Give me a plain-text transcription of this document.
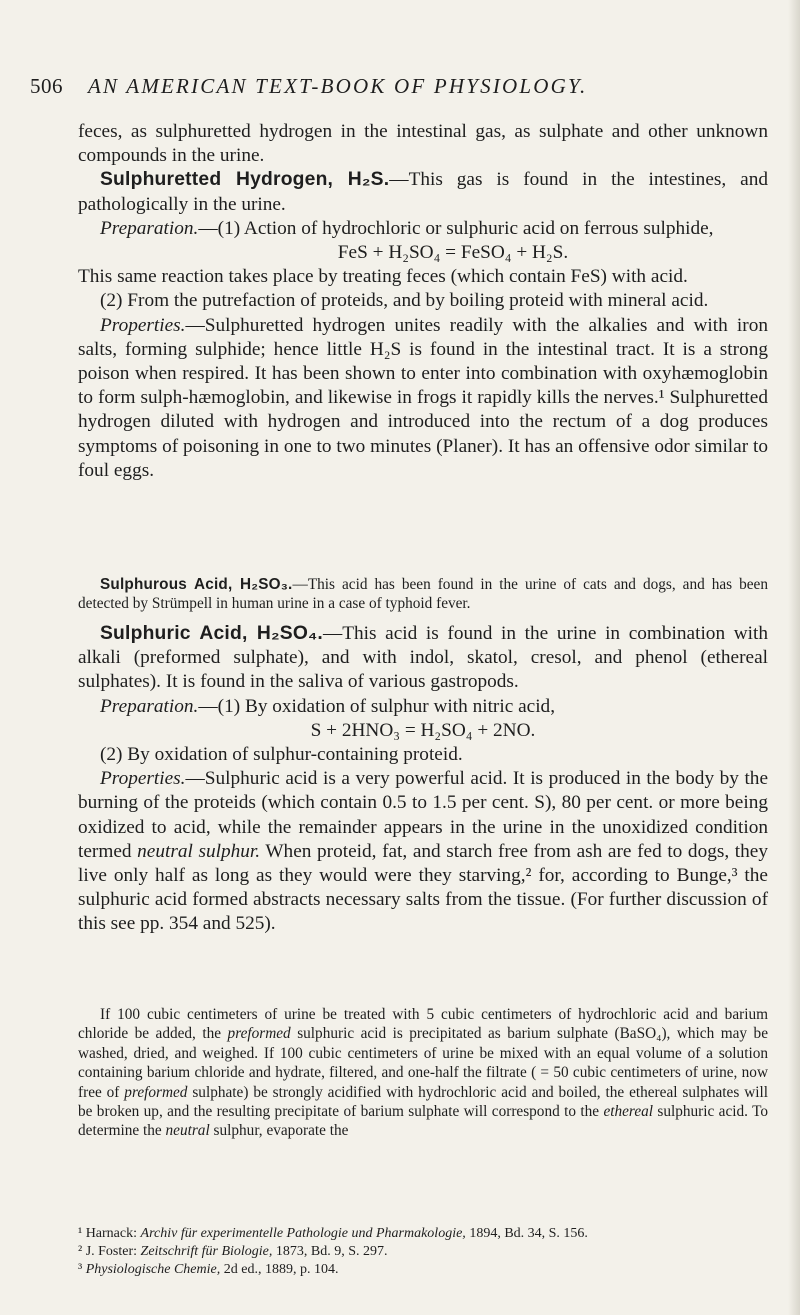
506 AN AMERICAN TEXT-BOOK OF PHYSIOLOGY.

feces, as sulphuretted hydrogen in the intestinal gas, as sulphate and other unknown compounds in the urine.

Sulphuretted Hydrogen, H₂S.—This gas is found in the intestines, and pathologically in the urine.

Preparation.—(1) Action of hydrochloric or sulphuric acid on ferrous sulphide,

FeS + H₂SO₄ = FeSO₄ + H₂S.

This same reaction takes place by treating feces (which contain FeS) with acid.

(2) From the putrefaction of proteids, and by boiling proteid with mineral acid.

Properties.—Sulphuretted hydrogen unites readily with the alkalies and with iron salts, forming sulphide; hence little H₂S is found in the intestinal tract. It is a strong poison when respired. It has been shown to enter into combination with oxyhæmoglobin to form sulph-hæmoglobin, and likewise in frogs it rapidly kills the nerves.¹ Sulphuretted hydrogen diluted with hydrogen and introduced into the rectum of a dog produces symptoms of poisoning in one to two minutes (Planer). It has an offensive odor similar to foul eggs.

Sulphurous Acid, H₂SO₃.—This acid has been found in the urine of cats and dogs, and has been detected by Strümpell in human urine in a case of typhoid fever.

Sulphuric Acid, H₂SO₄.—This acid is found in the urine in combination with alkali (preformed sulphate), and with indol, skatol, cresol, and phenol (ethereal sulphates). It is found in the saliva of various gastropods.

Preparation.—(1) By oxidation of sulphur with nitric acid,

S + 2HNO₃ = H₂SO₄ + 2NO.

(2) By oxidation of sulphur-containing proteid.

Properties.—Sulphuric acid is a very powerful acid. It is produced in the body by the burning of the proteids (which contain 0.5 to 1.5 per cent. S), 80 per cent. or more being oxidized to acid, while the remainder appears in the urine in the unoxidized condition termed neutral sulphur. When proteid, fat, and starch free from ash are fed to dogs, they live only half as long as they would were they starving,² for, according to Bunge,³ the sulphuric acid formed abstracts necessary salts from the tissue. (For further discussion of this see pp. 354 and 525).

If 100 cubic centimeters of urine be treated with 5 cubic centimeters of hydrochloric acid and barium chloride be added, the preformed sulphuric acid is precipitated as barium sulphate (BaSO₄), which may be washed, dried, and weighed. If 100 cubic centimeters of urine be mixed with an equal volume of a solution containing barium chloride and hydrate, filtered, and one-half the filtrate ( = 50 cubic centimeters of urine, now free of preformed sulphate) be strongly acidified with hydrochloric acid and boiled, the ethereal sulphates will be broken up, and the resulting precipitate of barium sulphate will correspond to the ethereal sulphuric acid. To determine the neutral sulphur, evaporate the

¹ Harnack: Archiv für experimentelle Pathologie und Pharmakologie, 1894, Bd. 34, S. 156.
² J. Foster: Zeitschrift für Biologie, 1873, Bd. 9, S. 297.
³ Physiologische Chemie, 2d ed., 1889, p. 104.
